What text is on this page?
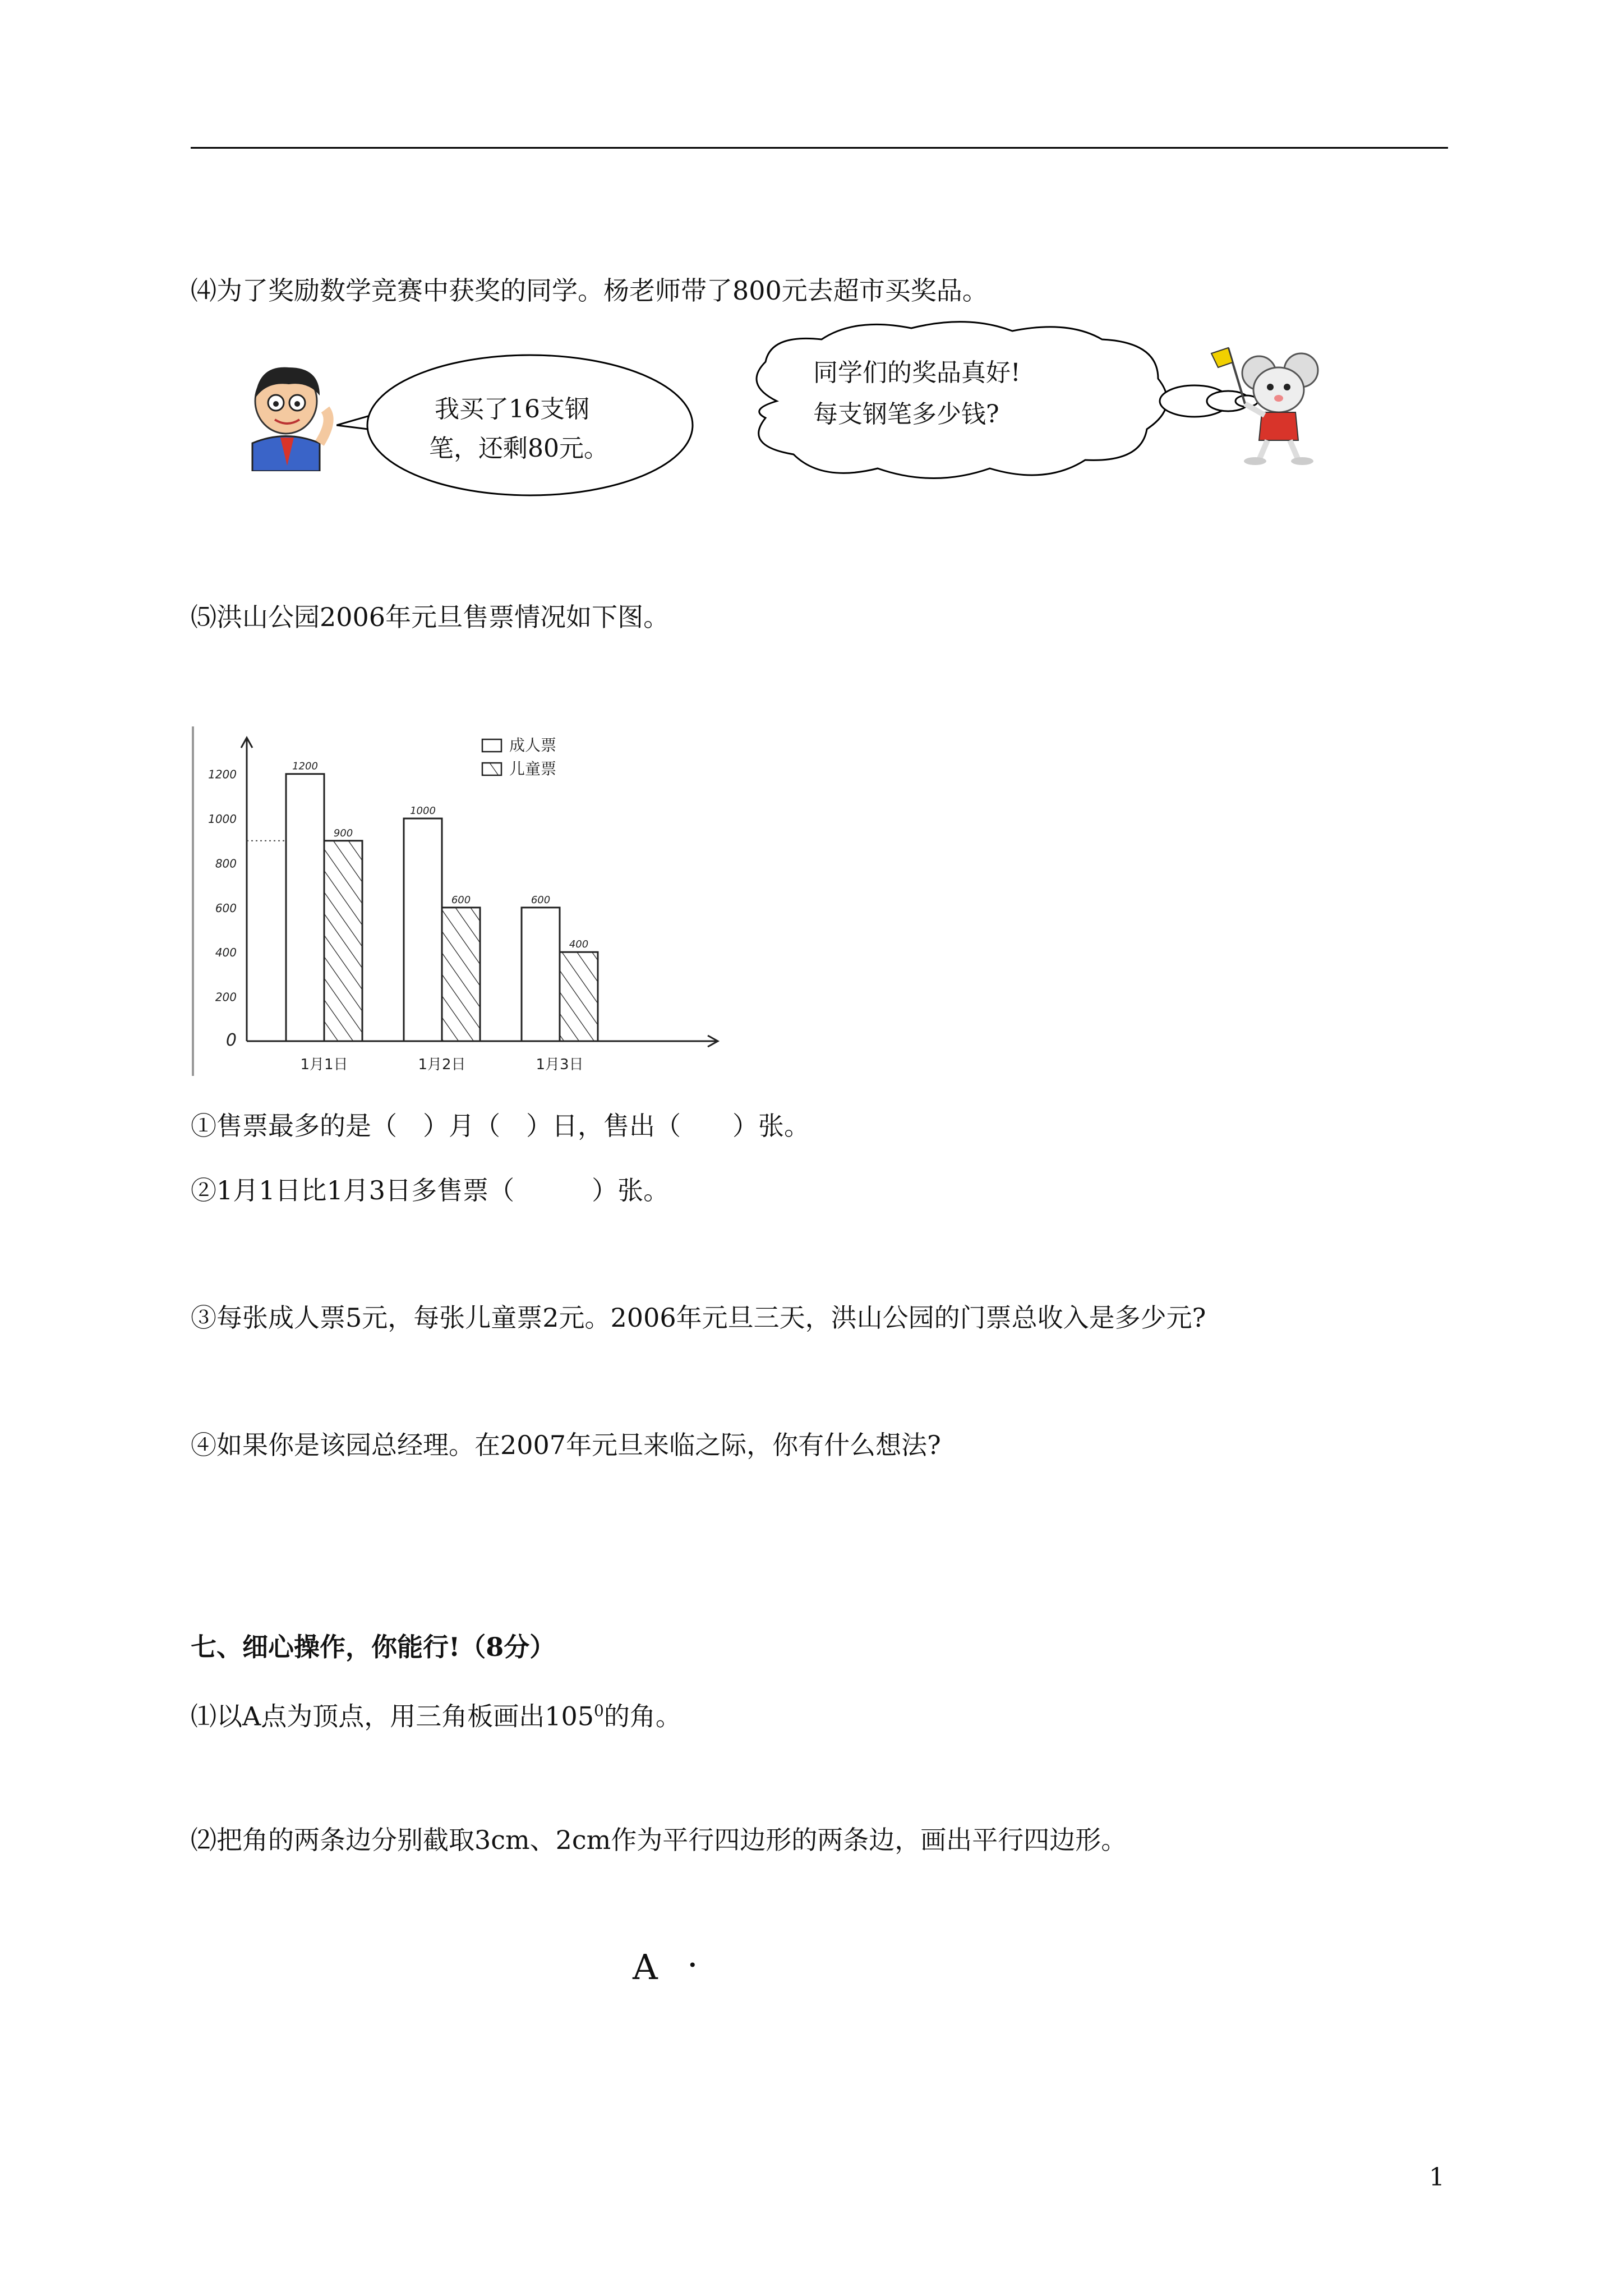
⑷为了奖励数学竞赛中获奖的同学。杨老师带了800元去超市买奖品。
我买了16支钢
笔，还剩80元。
同学们的奖品真好!
每支钢笔多少钱?
⑸洪山公园2006年元旦售票情况如下图。
0
200
400
600
800
1000
1200
1200
900
1月1日
1000
600
1月2日
600
400
1月3日
成人票
儿童票
①售票最多的是（　）月（　）日，售出（　　）张。
②1月1日比1月3日多售票（　　　）张。
③每张成人票5元，每张儿童票2元。2006年元旦三天，洪山公园的门票总收入是多少元?
④如果你是该园总经理。在2007年元旦来临之际，你有什么想法?
七、细心操作，你能行!（8分）
⑴以A点为顶点，用三角板画出$105^0$的角。
⑵把角的两条边分别截取3cm、2cm作为平行四边形的两条边，画出平行四边形。
A ·
1
